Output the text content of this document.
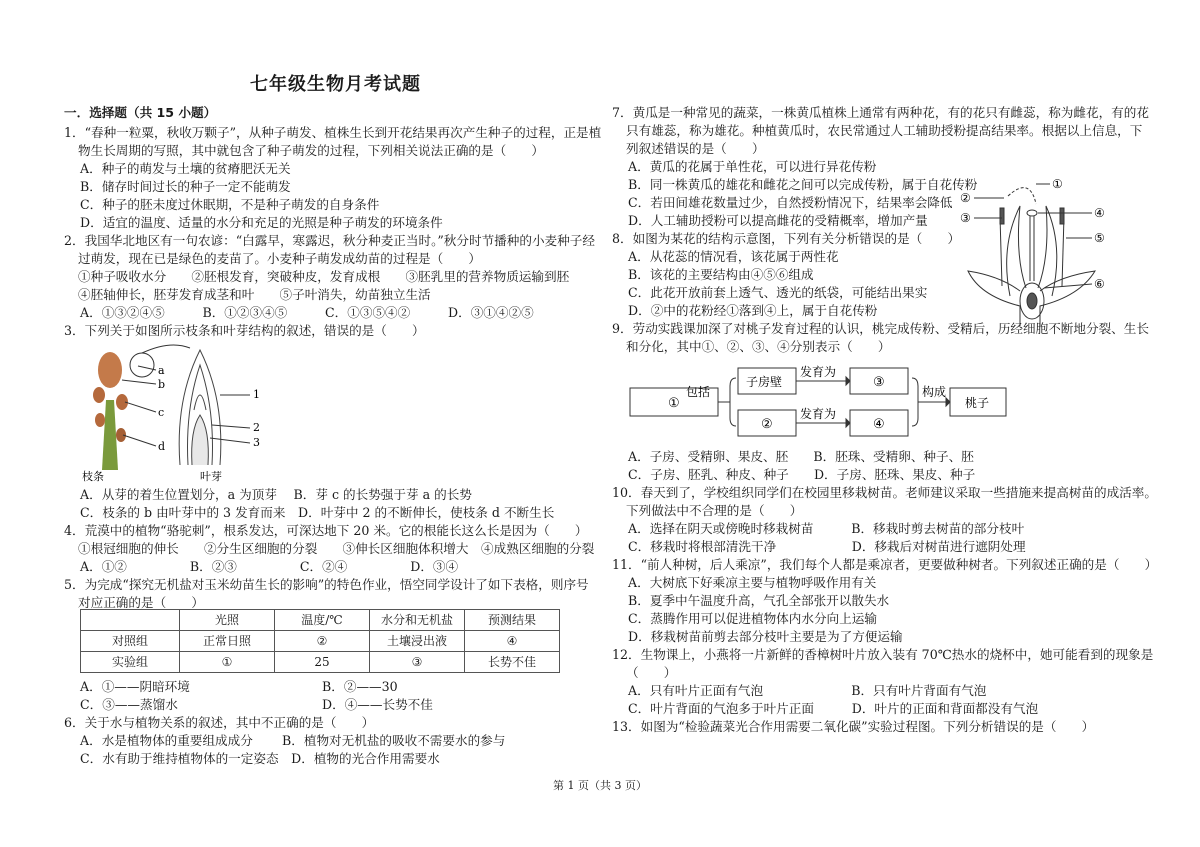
七年级生物月考试题
一．选择题（共 15 小题）
1．“春种一粒粟，秋收万颗子”，从种子萌发、植株生长到开花结果再次产生种子的过程，正是植
物生长周期的写照，其中就包含了种子萌发的过程，下列相关说法正确的是（　　）
A．种子的萌发与土壤的贫瘠肥沃无关
B．储存时间过长的种子一定不能萌发
C．种子的胚未度过休眠期，不是种子萌发的自身条件
D．适宜的温度、适量的水分和充足的光照是种子萌发的环境条件
2．我国华北地区有一句农谚：“白露早，寒露迟，秋分种麦正当时。”秋分时节播种的小麦种子经
过萌发，现在已是绿色的麦苗了。小麦种子萌发成幼苗的过程是（　　）
①种子吸收水分　　②胚根发育，突破种皮，发育成根　　③胚乳里的营养物质运输到胚
④胚轴伸长，胚芽发育成茎和叶　　⑤子叶消失，幼苗独立生活
A．①③②④⑤　　　B．①②③④⑤　　　C．①③⑤④②　　　D．③①④②⑤
3．下列关于如图所示枝条和叶芽结构的叙述，错误的是（　　）
A．从芽的着生位置划分，a 为顶芽　 B．芽 c 的长势强于芽 a 的长势
C．枝条的 b 由叶芽中的 3 发育而来　D．叶芽中 2 的不断伸长，使枝条 d 不断生长
4．荒漠中的植物“骆驼刺”，根系发达，可深达地下 20 米。它的根能长这么长是因为（　　）
①根冠细胞的伸长　　②分生区细胞的分裂　　③伸长区细胞体积增大　④成熟区细胞的分裂
A．①②　　　　　B．②③　　　　　C．②④　　　　　D．③④
5．为完成“探究无机盐对玉米幼苗生长的影响”的特色作业，悟空同学设计了如下表格，则序号
对应正确的是（　　）
A．①——阴暗环境	B．②——30
C．③——蒸馏水	D．④——长势不佳
6．关于水与植物关系的叙述，其中不正确的是（　　）
A．水是植物体的重要组成成分　　 B．植物对无机盐的吸收不需要水的参与
C．水有助于维持植物体的一定姿态　D．植物的光合作用需要水
7．黄瓜是一种常见的蔬菜，一株黄瓜植株上通常有两种花，有的花只有雌蕊，称为雌花，有的花
只有雄蕊，称为雄花。种植黄瓜时，农民常通过人工辅助授粉提高结果率。根据以上信息，下
列叙述错误的是（　　）
A．黄瓜的花属于单性花，可以进行异花传粉
B．同一株黄瓜的雄花和雌花之间可以完成传粉，属于自花传粉
C．若田间雄花数量过少，自然授粉情况下，结果率会降低
D．人工辅助授粉可以提高雌花的受精概率，增加产量
8．如图为某花的结构示意图，下列有关分析错误的是（　　）
A．从花蕊的情况看，该花属于两性花
B．该花的主要结构由④⑤⑥组成
C．此花开放前套上透气、透光的纸袋，可能结出果实
D．②中的花粉经①落到④上，属于自花传粉
9．劳动实践课加深了对桃子发育过程的认识，桃完成传粉、受精后，历经细胞不断地分裂、生长
和分化，其中①、②、③、④分别表示（　　）
A．子房、受精卵、果皮、胚　　B．胚珠、受精卵、种子、胚
C．子房、胚乳、种皮、种子　　D．子房、胚珠、果皮、种子
10．春天到了，学校组织同学们在校园里移栽树苗。老师建议采取一些措施来提高树苗的成活率。
下列做法中不合理的是（　　）
A．选择在阴天或傍晚时移栽树苗　　　B．移栽时剪去树苗的部分枝叶
C．移栽时将根部清洗干净　　　　　　D．移栽后对树苗进行遮阴处理
11．“前人种树，后人乘凉”，我们每个人都是乘凉者，更要做种树者。下列叙述正确的是（　　）
A．大树底下好乘凉主要与植物呼吸作用有关
B．夏季中午温度升高，气孔全部张开以散失水
C．蒸腾作用可以促进植物体内水分向上运输
D．移栽树苗前剪去部分枝叶主要是为了方便运输
12．生物课上，小燕将一片新鲜的香樟树叶片放入装有 70℃热水的烧杯中，她可能看到的现象是
（　　）
A．只有叶片正面有气泡　　　　　　　B．只有叶片背面有气泡
C．叶片背面的气泡多于叶片正面　　　D．叶片的正面和背面都没有气泡
13．如图为“检验蔬菜光合作用需要二氧化碳”实验过程图。下列分析错误的是（　　）
a
b
c
d
1
2
3
枝条	叶芽
	光照	温度/℃	水分和无机盐	预测结果
对照组	正常日照	②	土壤浸出液	④
实验组	①	25	③	长势不佳
①
②
③	④
⑤
⑥
①
包括
子房壁
②
发育为
发育为
③
④
构成
桃子
第 1 页（共 3 页）
